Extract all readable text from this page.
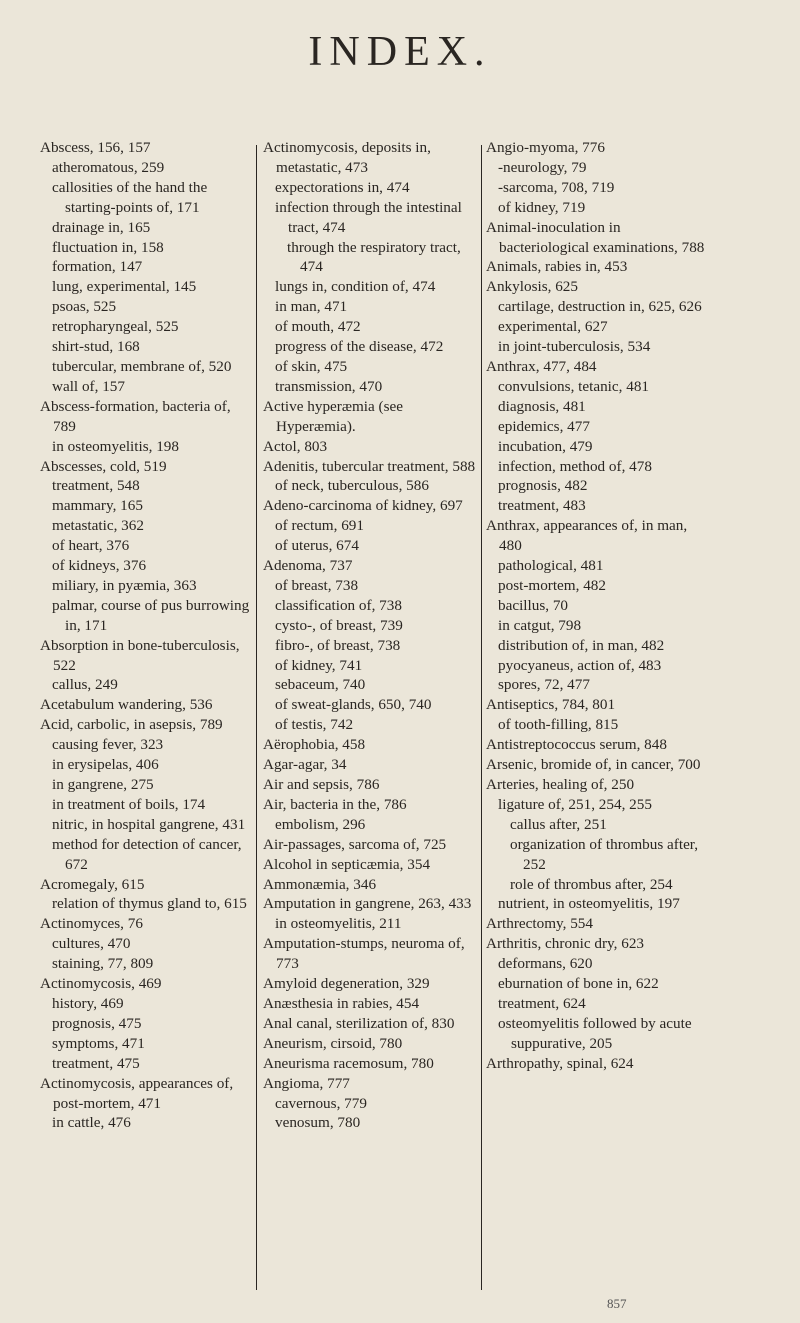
INDEX.
Abscess, 156, 157
atheromatous, 259
callosities of the hand the starting-points of, 171
drainage in, 165
fluctuation in, 158
formation, 147
lung, experimental, 145
psoas, 525
retropharyngeal, 525
shirt-stud, 168
tubercular, membrane of, 520
wall of, 157
Abscess-formation, bacteria of, 789
in osteomyelitis, 198
Abscesses, cold, 519
treatment, 548
mammary, 165
metastatic, 362
of heart, 376
of kidneys, 376
miliary, in pyæmia, 363
palmar, course of pus burrowing in, 171
Absorption in bone-tuberculosis, 522
callus, 249
Acetabulum wandering, 536
Acid, carbolic, in asepsis, 789
causing fever, 323
in erysipelas, 406
in gangrene, 275
in treatment of boils, 174
nitric, in hospital gangrene, 431
method for detection of cancer, 672
Acromegaly, 615
relation of thymus gland to, 615
Actinomyces, 76
cultures, 470
staining, 77, 809
Actinomycosis, 469
history, 469
prognosis, 475
symptoms, 471
treatment, 475
Actinomycosis, appearances of, post-mortem, 471
in cattle, 476
Actinomycosis, deposits in, metastatic, 473
expectorations in, 474
infection through the intestinal tract, 474
through the respiratory tract, 474
lungs in, condition of, 474
in man, 471
of mouth, 472
progress of the disease, 472
of skin, 475
transmission, 470
Active hyperæmia (see Hyperæmia).
Actol, 803
Adenitis, tubercular treatment, 588
of neck, tuberculous, 586
Adeno-carcinoma of kidney, 697
of rectum, 691
of uterus, 674
Adenoma, 737
of breast, 738
classification of, 738
cysto-, of breast, 739
fibro-, of breast, 738
of kidney, 741
sebaceum, 740
of sweat-glands, 650, 740
of testis, 742
Aërophobia, 458
Agar-agar, 34
Air and sepsis, 786
Air, bacteria in the, 786
embolism, 296
Air-passages, sarcoma of, 725
Alcohol in septicæmia, 354
Ammonæmia, 346
Amputation in gangrene, 263, 433
in osteomyelitis, 211
Amputation-stumps, neuroma of, 773
Amyloid degeneration, 329
Anæsthesia in rabies, 454
Anal canal, sterilization of, 830
Aneurism, cirsoid, 780
Aneurisma racemosum, 780
Angioma, 777
cavernous, 779
venosum, 780
Angio-myoma, 776
-neurology, 79
-sarcoma, 708, 719
of kidney, 719
Animal-inoculation in bacteriological examinations, 788
Animals, rabies in, 453
Ankylosis, 625
cartilage, destruction in, 625, 626
experimental, 627
in joint-tuberculosis, 534
Anthrax, 477, 484
convulsions, tetanic, 481
diagnosis, 481
epidemics, 477
incubation, 479
infection, method of, 478
prognosis, 482
treatment, 483
Anthrax, appearances of, in man, 480
pathological, 481
post-mortem, 482
bacillus, 70
in catgut, 798
distribution of, in man, 482
pyocyaneus, action of, 483
spores, 72, 477
Antiseptics, 784, 801
of tooth-filling, 815
Antistreptococcus serum, 848
Arsenic, bromide of, in cancer, 700
Arteries, healing of, 250
ligature of, 251, 254, 255
callus after, 251
organization of thrombus after, 252
role of thrombus after, 254
nutrient, in osteomyelitis, 197
Arthrectomy, 554
Arthritis, chronic dry, 623
deformans, 620
eburnation of bone in, 622
treatment, 624
osteomyelitis followed by acute suppurative, 205
Arthropathy, spinal, 624
857
